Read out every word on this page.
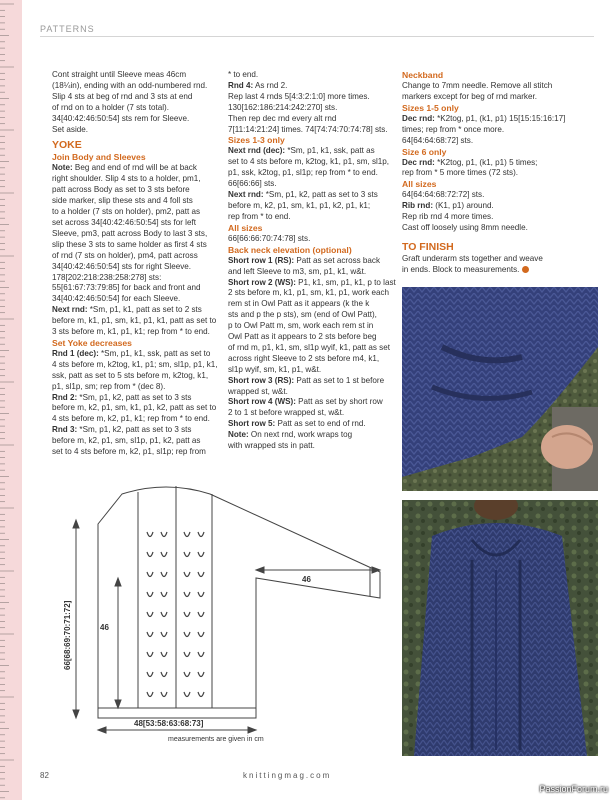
PATTERNS

Cont straight until Sleeve meas 46cm
(18¼in), ending with an odd-numbered rnd.
Slip 4 sts at beg of rnd and 3 sts at end
of rnd on to a holder (7 sts total).
34[40:42:46:50:54] sts rem for Sleeve.
Set aside.

YOKE
Join Body and Sleeves

Note: Beg and end of rnd will be at back
right shoulder. Slip 4 sts to a holder, pm1,
patt across Body as set to 3 sts before
side marker, slip these sts and 4 foll sts
to a holder (7 sts on holder), pm2, patt as
set across 34[40:42:46:50:54] sts for left
Sleeve, pm3, patt across Body to last 3 sts,
slip these 3 sts to same holder as first 4 sts
of rnd (7 sts on holder), pm4, patt across
34[40:42:46:50:54] sts for right Sleeve.
178[202:218:238:258:278] sts:
55[61:67:73:79:85] for back and front and
34[40:42:46:50:54] for each Sleeve.

Next rnd: *Sm, p1, k1, patt as set to 2 sts
before m, k1, p1, sm, k1, p1, k1, patt as set to
3 sts before m, k1, p1, k1; rep from * to end.

Set Yoke decreases

Rnd 1 (dec): *Sm, p1, k1, ssk, patt as set to
4 sts before m, k2tog, k1, p1; sm, sl1p, p1, k1,
ssk, patt as set to 5 sts before m, k2tog, k1,
p1, sl1p, sm; rep from * (dec 8).

Rnd 2: *Sm, p1, k2, patt as set to 3 sts
before m, k2, p1, sm, k1, p1, k2, patt as set to
4 sts before m, k2, p1, k1; rep from * to end.

Rnd 3: *Sm, p1, k2, patt as set to 3 sts
before m, k2, p1, sm, sl1p, p1, k2, patt as
set to 4 sts before m, k2, p1, sl1p; rep from

* to end.

Rnd 4: As rnd 2.

Rep last 4 rnds 5[4:3:2:1:0] more times.
130[162:186:214:242:270] sts.
Then rep dec rnd every alt rnd
7[11:14:21:24] times. 74[74:74:70:74:78] sts.

Sizes 1-3 only

Next rnd (dec): *Sm, p1, k1, ssk, patt as
set to 4 sts before m, k2tog, k1, p1, sm, sl1p,
p1, ssk, k2tog, p1, sl1p; rep from * to end.
66[66:66] sts.

Next rnd: *Sm, p1, k2, patt as set to 3 sts
before m, k2, p1, sm, k1, p1, k2, p1, k1;
rep from * to end.

All sizes

66[66:66:70:74:78] sts.

Back neck elevation (optional)

Short row 1 (RS): Patt as set across back
and left Sleeve to m3, sm, p1, k1, w&t.

Short row 2 (WS): P1, k1, sm, p1, k1, p to last
2 sts before m, k1, p1, sm, k1, p1, work each
rem st in Owl Patt as it appears (k the k
sts and p the p sts), sm (end of Owl Patt),
p to Owl Patt m, sm, work each rem st in
Owl Patt as it appears to 2 sts before beg
of rnd m, p1, k1, sm, sl1p wyif, k1, patt as set
across right Sleeve to 2 sts before m4, k1,
sl1p wyif, sm, k1, p1, w&t.

Short row 3 (RS): Patt as set to 1 st before
wrapped st, w&t.

Short row 4 (WS): Patt as set by short row
2 to 1 st before wrapped st, w&t.

Short row 5: Patt as set to end of rnd.

Note: On next rnd, work wraps tog
with wrapped sts in patt.

Neckband

Change to 7mm needle. Remove all stitch
markers except for beg of rnd marker.

Sizes 1-5 only

Dec rnd: *K2tog, p1, (k1, p1) 15[15:15:16:17]
times; rep from * once more.
64[64:64:68:72] sts.

Size 6 only

Dec rnd: *K2tog, p1, (k1, p1) 5 times;
rep from * 5 more times (72 sts).

All sizes

64[64:64:68:72:72] sts.

Rib rnd: (K1, p1) around.
Rep rib rnd 4 more times.
Cast off loosely using 8mm needle.

TO FINISH

Graft underarm sts together and weave
in ends. Block to measurements.

66[68:69:70:71:72]	46
46
48[53:58:63:68:73]
measurements are given in cm
82	knittingmag.com
PassionForum.ru
